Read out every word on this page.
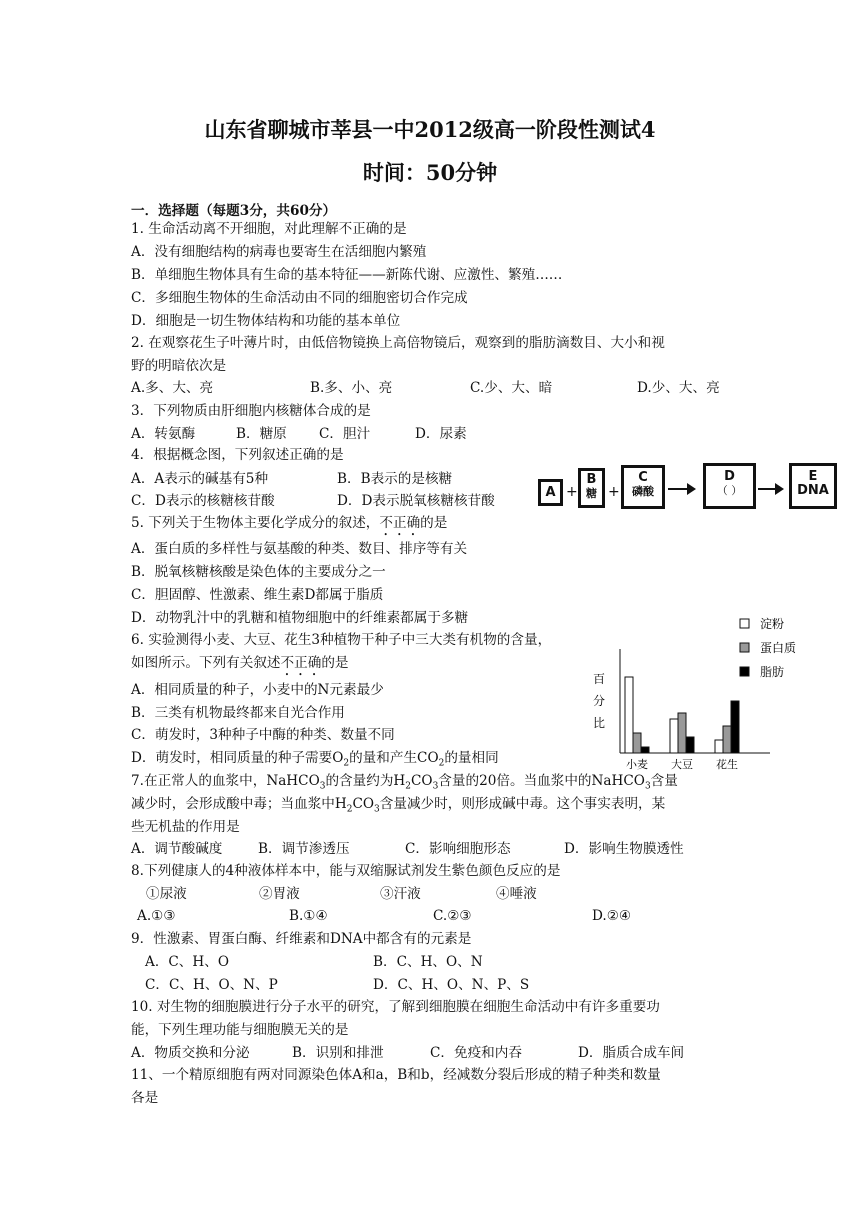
山东省聊城市莘县一中2012级高一阶段性测试4
时间：50分钟
一．选择题（每题3分，共60分）
1. 生命活动离不开细胞，对此理解不正确的是
A．没有细胞结构的病毒也要寄生在活细胞内繁殖
B．单细胞生物体具有生命的基本特征——新陈代谢、应激性、繁殖……
C．多细胞生物体的生命活动由不同的细胞密切合作完成
D．细胞是一切生物体结构和功能的基本单位
2. 在观察花生子叶薄片时，由低倍物镜换上高倍物镜后，观察到的脂肪滴数目、大小和视
野的明暗依次是
A.多、大、亮	B.多、小、亮	C.少、大、暗	D.少、大、亮
3．下列物质由肝细胞内核糖体合成的是
A．转氨酶	B．糖原 C．胆汁	D．尿素
4．根据概念图，下列叙述正确的是
A．A表示的碱基有5种	B．B表示的是核糖
C．D表示的核糖核苷酸	D．D表示脱氧核糖核苷酸
A +
B
糖 +
C
磷酸
D
（ ）
E
DNA
5. 下列关于生物体主要化学成分的叙述，不正确的是
A．蛋白质的多样性与氨基酸的种类、数目、排序等有关
B．脱氧核糖核酸是染色体的主要成分之一
C．胆固醇、性激素、维生素D都属于脂质
D．动物乳汁中的乳糖和植物细胞中的纤维素都属于多糖
6. 实验测得小麦、大豆、花生3种植物干种子中三大类有机物的含量，
如图所示。下列有关叙述不正确的是
A．相同质量的种子，小麦中的N元素最少
B．三类有机物最终都来自光合作用
C．萌发时，3种种子中酶的种类、数量不同
D．萌发时，相同质量的种子需要$O_2$的量和产生$CO_2$的量相同
百
分
比
小麦 大豆 花生
淀粉
蛋白质
脂肪
7.在正常人的血浆中，NaHCO$_3$的含量约为$H_2CO_3$含量的20倍。当血浆中的NaHCO$_3$含量
减少时，会形成酸中毒；当血浆中$H_2CO_3$含量减少时，则形成碱中毒。这个事实表明，某
些无机盐的作用是
A．调节酸碱度	B．调节渗透压	C．影响细胞形态	D．影响生物膜透性
8.下列健康人的4种液体样本中，能与双缩脲试剂发生紫色颜色反应的是
①尿液	②胃液	③汗液	④唾液
A.①③	B.①④	C.②③	D.②④
9．性激素、胃蛋白酶、纤维素和DNA中都含有的元素是
A．C、H、O	B．C、H、O、N
C．C、H、O、N、P	D．C、H、O、N、P、S
10. 对生物的细胞膜进行分子水平的研究，了解到细胞膜在细胞生命活动中有许多重要功
能，下列生理功能与细胞膜无关的是
A．物质交换和分泌	B．识别和排泄	C．免疫和内吞	D．脂质合成车间
11、一个精原细胞有两对同源染色体A和a，B和b，经减数分裂后形成的精子种类和数量
各是
